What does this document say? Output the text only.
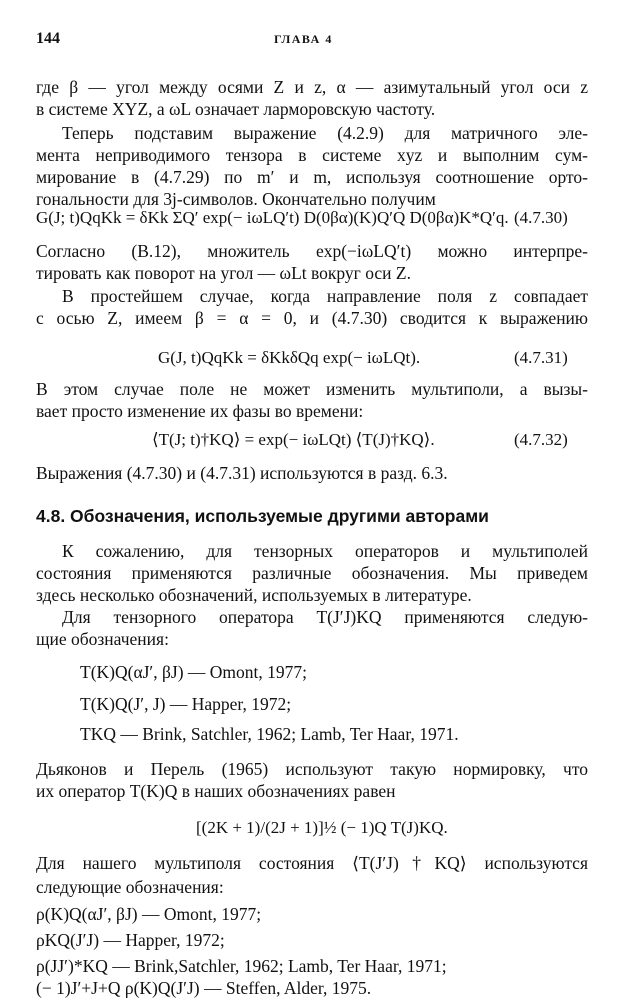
144	ГЛАВА 4
где β — угол между осями Z и z, α — азимутальный угол оси z
в системе XYZ, а ωL означает ларморовскую частоту.
Теперь подставим выражение (4.2.9) для матричного эле-
мента неприводимого тензора в системе xyz и выполним сум-
мирование в (4.7.29) по m′ и m, используя соотношение орто-
гональности для 3j-символов. Окончательно получим
G(J; t)QqKk = δKk ΣQ′ exp(− iωLQ′t) D(0βα)(K)Q′Q D(0βα)K*Q′q. (4.7.30)
Согласно (B.12), множитель exp(−iωLQ′t) можно интерпре-
тировать как поворот на угол — ωLt вокруг оси Z.
В простейшем случае, когда направление поля z совпадает
с осью Z, имеем β = α = 0, и (4.7.30) сводится к выражению
G(J, t)QqKk = δKkδQq exp(− iωLQt).	(4.7.31)
В этом случае поле не может изменить мультиполи, а вызы-
вает просто изменение их фазы во времени:
⟨T(J; t)†KQ⟩ = exp(− iωLQt) ⟨T(J)†KQ⟩.	(4.7.32)
Выражения (4.7.30) и (4.7.31) используются в разд. 6.3.
4.8. Обозначения, используемые другими авторами
К сожалению, для тензорных операторов и мультиполей
состояния применяются различные обозначения. Мы приведем
здесь несколько обозначений, используемых в литературе.
Для тензорного оператора T(J′J)KQ применяются следую-
щие обозначения:
T(K)Q(αJ′, βJ) — Omont, 1977;
T(K)Q(J′, J) — Happer, 1972;
TKQ — Brink, Satchler, 1962; Lamb, Ter Haar, 1971.
Дьяконов и Перель (1965) используют такую нормировку, что
их оператор T(K)Q в наших обозначениях равен
[(2K + 1)/(2J + 1)]½ (− 1)Q T(J)KQ.
Для нашего мультиполя состояния ⟨T(J′J)†KQ⟩ используются
следующие обозначения:
ρ(K)Q(αJ′, βJ) — Omont, 1977;
ρKQ(J′J) — Happer, 1972;
ρ(JJ′)*KQ — Brink,Satchler, 1962; Lamb, Ter Haar, 1971;
(− 1)J′+J+Q ρ(K)Q(J′J) — Steffen, Alder, 1975.
